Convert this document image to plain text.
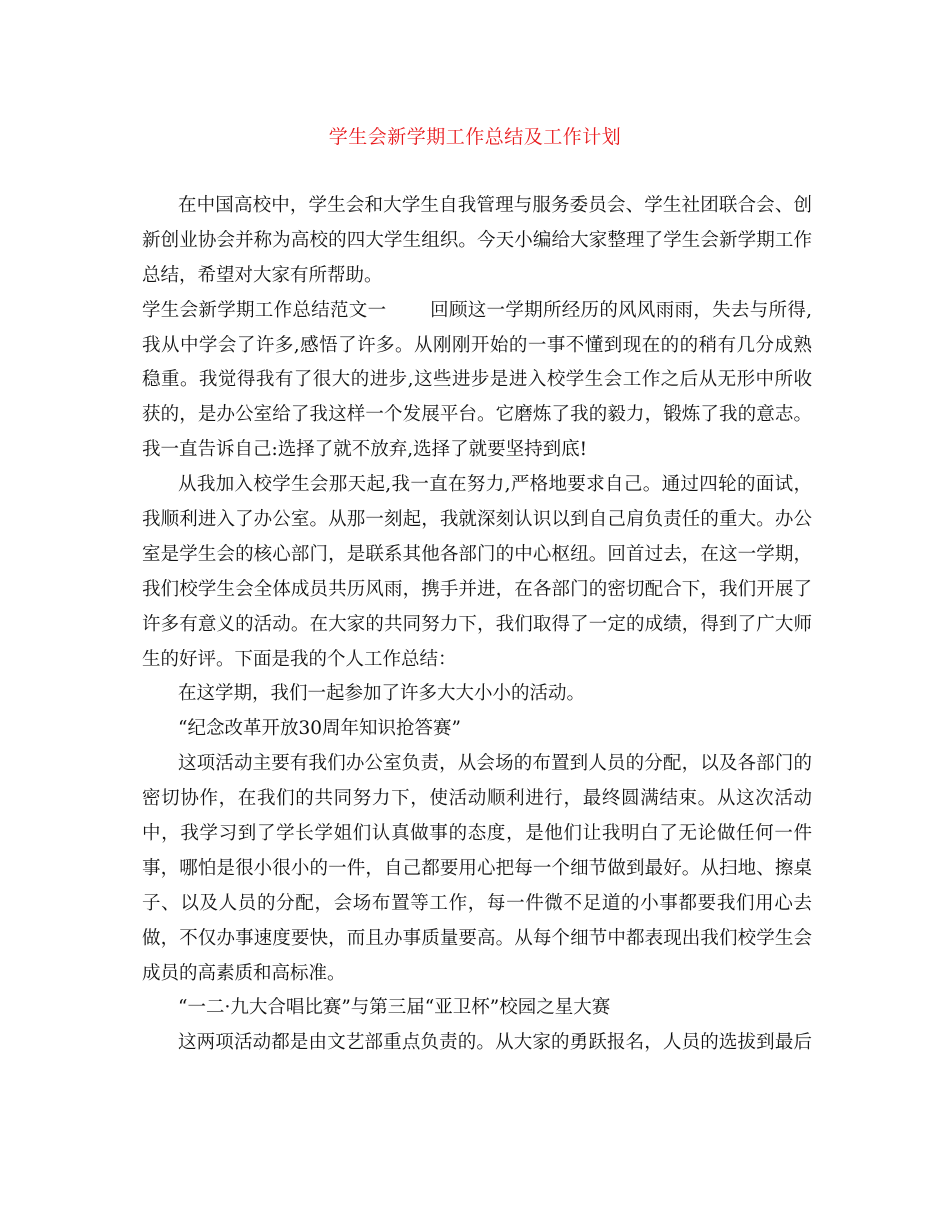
学生会新学期工作总结及工作计划
在中国高校中，学生会和大学生自我管理与服务委员会、学生社团联合会、创
新创业协会并称为高校的四大学生组织。今天小编给大家整理了学生会新学期工作
总结，希望对大家有所帮助。
学生会新学期工作总结范文一　　 回顾这一学期所经历的风风雨雨，失去与所得,
我从中学会了许多,感悟了许多。从刚刚开始的一事不懂到现在的的稍有几分成熟
稳重。我觉得我有了很大的进步,这些进步是进入校学生会工作之后从无形中所收
获的，是办公室给了我这样一个发展平台。它磨炼了我的毅力，锻炼了我的意志。
我一直告诉自己:选择了就不放弃,选择了就要坚持到底!
从我加入校学生会那天起,我一直在努力,严格地要求自己。通过四轮的面试，
我顺利进入了办公室。从那一刻起，我就深刻认识以到自己肩负责任的重大。办公
室是学生会的核心部门，是联系其他各部门的中心枢纽。回首过去，在这一学期，
我们校学生会全体成员共历风雨，携手并进，在各部门的密切配合下，我们开展了
许多有意义的活动。在大家的共同努力下，我们取得了一定的成绩，得到了广大师
生的好评。下面是我的个人工作总结：
在这学期，我们一起参加了许多大大小小的活动。
“纪念改革开放30周年知识抢答赛”
这项活动主要有我们办公室负责，从会场的布置到人员的分配，以及各部门的
密切协作，在我们的共同努力下，使活动顺利进行，最终圆满结束。从这次活动
中，我学习到了学长学姐们认真做事的态度，是他们让我明白了无论做任何一件
事，哪怕是很小很小的一件，自己都要用心把每一个细节做到最好。从扫地、擦桌
子、以及人员的分配，会场布置等工作，每一件微不足道的小事都要我们用心去
做，不仅办事速度要快，而且办事质量要高。从每个细节中都表现出我们校学生会
成员的高素质和高标准。
“一二·九大合唱比赛”与第三届“亚卫杯”校园之星大赛
这两项活动都是由文艺部重点负责的。从大家的勇跃报名，人员的选拔到最后
